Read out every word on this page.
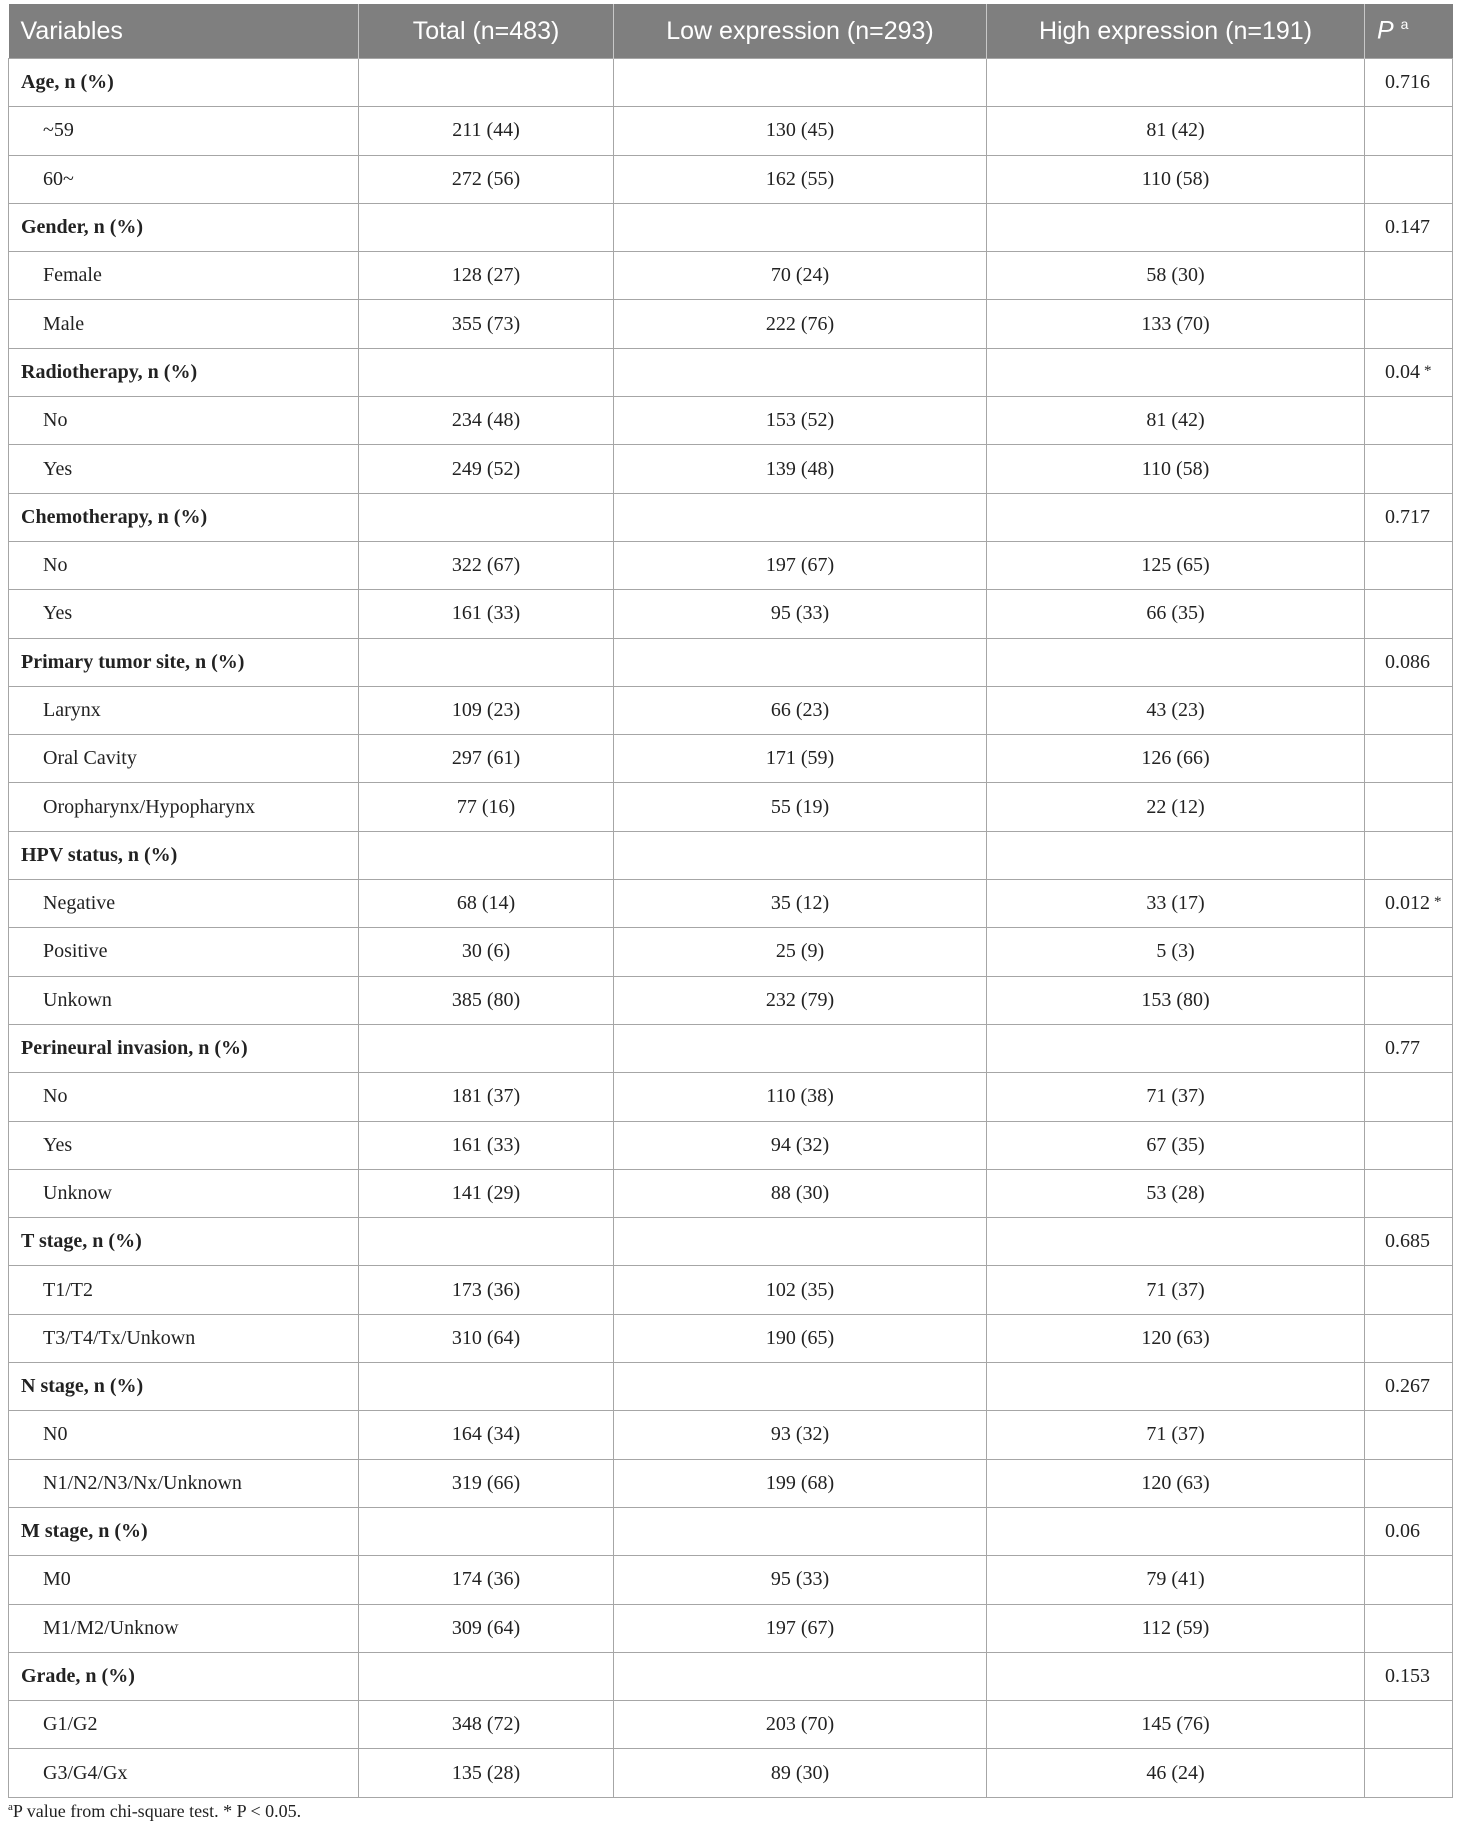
Variables	Total (n=483)	Low expression (n=293)	High expression (n=191)	P $^a$
Age, n (%)				0.716
~59	211 (44)	130 (45)	81 (42)	
60~	272 (56)	162 (55)	110 (58)	
Gender, n (%)				0.147
Female	128 (27)	70 (24)	58 (30)	
Male	355 (73)	222 (76)	133 (70)	
Radiotherapy, n (%)				0.04 *
No	234 (48)	153 (52)	81 (42)	
Yes	249 (52)	139 (48)	110 (58)	
Chemotherapy, n (%)				0.717
No	322 (67)	197 (67)	125 (65)	
Yes	161 (33)	95 (33)	66 (35)	
Primary tumor site, n (%)				0.086
Larynx	109 (23)	66 (23)	43 (23)	
Oral Cavity	297 (61)	171 (59)	126 (66)	
Oropharynx/Hypopharynx	77 (16)	55 (19)	22 (12)	
HPV status, n (%)				
Negative	68 (14)	35 (12)	33 (17)	0.012 *
Positive	30 (6)	25 (9)	5 (3)	
Unkown	385 (80)	232 (79)	153 (80)	
Perineural invasion, n (%)				0.77
No	181 (37)	110 (38)	71 (37)	
Yes	161 (33)	94 (32)	67 (35)	
Unknow	141 (29)	88 (30)	53 (28)	
T stage, n (%)				0.685
T1/T2	173 (36)	102 (35)	71 (37)	
T3/T4/Tx/Unkown	310 (64)	190 (65)	120 (63)	
N stage, n (%)				0.267
N0	164 (34)	93 (32)	71 (37)	
N1/N2/N3/Nx/Unknown	319 (66)	199 (68)	120 (63)	
M stage, n (%)				0.06
M0	174 (36)	95 (33)	79 (41)	
M1/M2/Unknow	309 (64)	197 (67)	112 (59)	
Grade, n (%)				0.153
G1/G2	348 (72)	203 (70)	145 (76)	
G3/G4/Gx	135 (28)	89 (30)	46 (24)	
$^a$P value from chi-square test. * P < 0.05.
